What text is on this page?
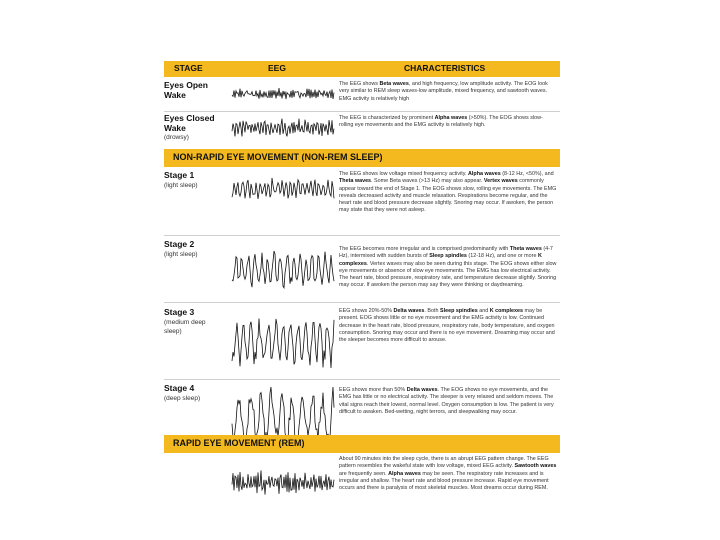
STAGE	EEG	CHARACTERISTICS
Eyes Open Wake

The EEG shows Beta waves, and high frequency, low amplitude activity. The EOG look very similar to REM sleep waves-low amplitude, mixed frequency, and sawtooth waves. EMG activity is relatively high

Eyes Closed Wake
(drowsy)

The EEG is characterized by prominent Alpha waves (>50%). The EOG shows slow-rolling eye movements and the EMG activity is relatively high.

NON-RAPID EYE MOVEMENT (NON-REM SLEEP)
Stage 1
(light sleep)

The EEG shows low voltage mixed frequency activity. Alpha waves (8-12 Hz, <50%), and Theta waves. Some Beta waves (>13 Hz) may also appear. Vertex waves commonly appear toward the end of Stage 1. The EOG shows slow, rolling eye movements. The EMG reveals decreased activity and muscle relaxation. Respirations become regular, and the heart rate and blood pressure decrease slightly. Snoring may occur. If awoken, the person may state that they were not asleep.

Stage 2
(light sleep)

The EEG becomes more irregular and is comprised predominantly with Theta waves (4-7 Hz), intermixed with sudden bursts of Sleep spindles (12-18 Hz), and one or more K complexes. Vertex waves may also be seen during this stage. The EOG shows either slow eye movements or absence of slow eye movements. The EMG has low electrical activity. The heart rate, blood pressure, respiratory rate, and temperature decrease slightly. Snoring may occur. If awoken the person may say they were thinking or daydreaming.

Stage 3
(medium deep sleep)

EEG shows 20%-50% Delta waves. Both Sleep spindles and K complexes may be present. EOG shows little or no eye movement and the EMG activity is low. Continued decrease in the heart rate, blood pressure, respiratory rate, body temperature, and oxygen consumption. Snoring may occur and there is no eye movement. Dreaming may occur and the sleeper becomes more difficult to arouse.

Stage 4
(deep sleep)

EEG shows more than 50% Delta waves. The EOG shows no eye movements, and the EMG has little or no electrical activity. The sleeper is very relaxed and seldom moves. The vital signs reach their lowest, normal level. Oxygen consumption is low. The patient is very difficult to awaken. Bed-wetting, night terrors, and sleepwalking may occur.

RAPID EYE MOVEMENT (REM)

About 90 minutes into the sleep cycle, there is an abrupt EEG pattern change. The EEG pattern resembles the wakeful state with low voltage, mixed EEG activity. Sawtooth waves are frequently seen. Alpha waves may be seen. The respiratory rate increases and is irregular and shallow. The heart rate and blood pressure increase. Rapid eye movement occurs and there is paralysis of most skeletal muscles. Most dreams occur during REM.
